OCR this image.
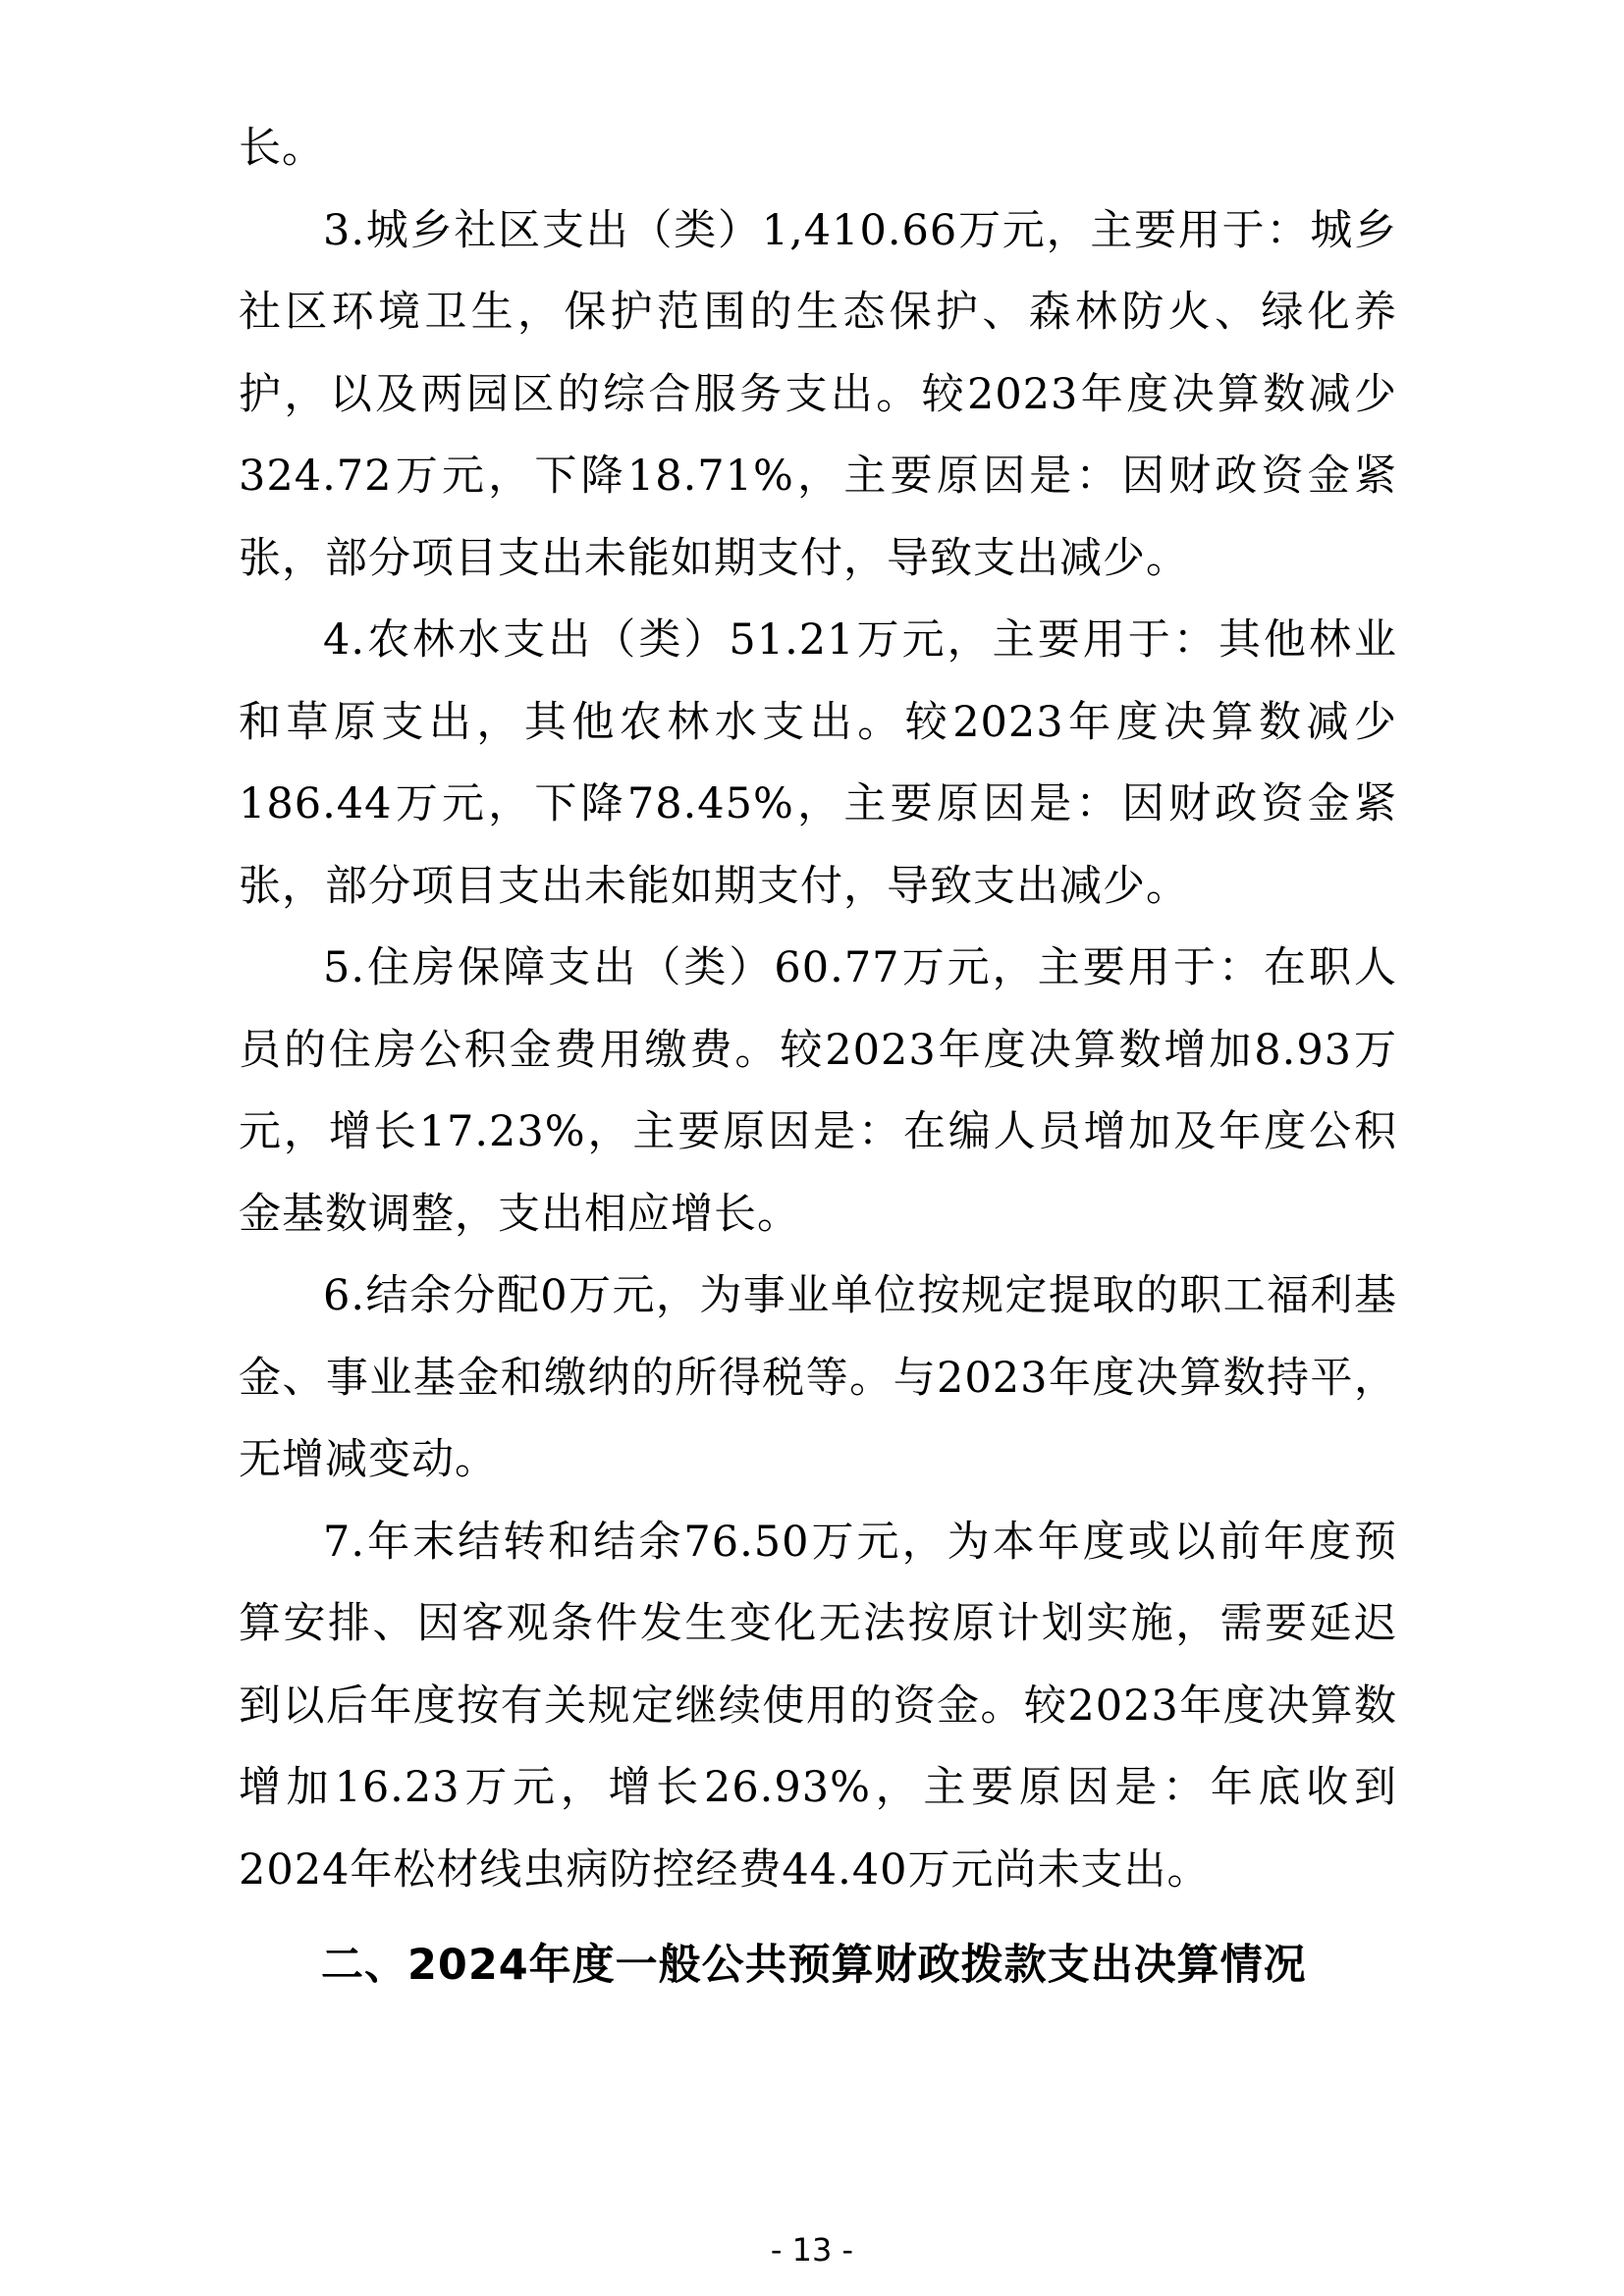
长。

3.城乡社区支出（类）1,410.66万元，主要用于：城乡社区环境卫生，保护范围的生态保护、森林防火、绿化养护，以及两园区的综合服务支出。较2023年度决算数减少324.72万元，下降18.71%，主要原因是：因财政资金紧张，部分项目支出未能如期支付，导致支出减少。

4.农林水支出（类）51.21万元，主要用于：其他林业和草原支出，其他农林水支出。较2023年度决算数减少186.44万元，下降78.45%，主要原因是：因财政资金紧张，部分项目支出未能如期支付，导致支出减少。

5.住房保障支出（类）60.77万元，主要用于：在职人员的住房公积金费用缴费。较2023年度决算数增加8.93万元，增长17.23%，主要原因是：在编人员增加及年度公积金基数调整，支出相应增长。

6.结余分配0万元，为事业单位按规定提取的职工福利基金、事业基金和缴纳的所得税等。与2023年度决算数持平，无增减变动。

7.年末结转和结余76.50万元，为本年度或以前年度预算安排、因客观条件发生变化无法按原计划实施，需要延迟到以后年度按有关规定继续使用的资金。较2023年度决算数增加16.23万元，增长26.93%，主要原因是：年底收到2024年松材线虫病防控经费44.40万元尚未支出。

二、2024年度一般公共预算财政拨款支出决算情况
- 13 -
